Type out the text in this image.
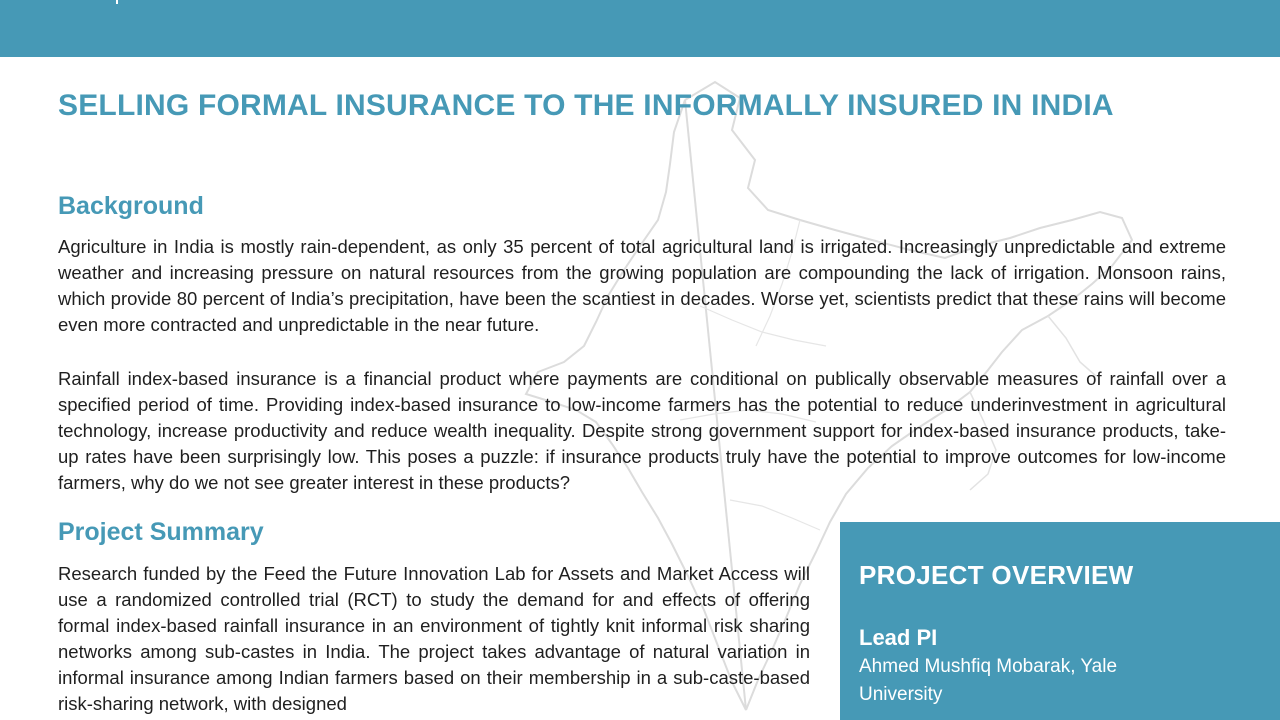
SELLING FORMAL INSURANCE TO THE INFORMALLY INSURED IN INDIA
Background

Agriculture in India is mostly rain-dependent, as only 35 percent of total agricultural land is irrigated. Increasingly unpredictable and extreme weather and increasing pressure on natural resources from the growing population are compounding the lack of irrigation. Monsoon rains, which provide 80 percent of India’s precipitation, have been the scantiest in decades. Worse yet, scientists predict that these rains will become even more contracted and unpredictable in the near future.

Rainfall index-based insurance is a financial product where payments are conditional on publically observable measures of rainfall over a specified period of time. Providing index-based insurance to low-income farmers has the potential to reduce underinvestment in agricultural technology, increase productivity and reduce wealth inequality. Despite strong government support for index-based insurance products, take-up rates have been surprisingly low. This poses a puzzle: if insurance products truly have the potential to improve outcomes for low-income farmers, why do we not see greater interest in these products?

Project Summary

Research funded by the Feed the Future Innovation Lab for Assets and Market Access will use a randomized controlled trial (RCT) to study the demand for and effects of offering formal index-based rainfall insurance in an environment of tightly knit informal risk sharing networks among sub-castes in India. The project takes advantage of natural variation in informal insurance among Indian farmers based on their membership in a sub-caste-based risk-sharing network, with designed

PROJECT OVERVIEW
Lead PI
Ahmed Mushfiq Mobarak, Yale University
